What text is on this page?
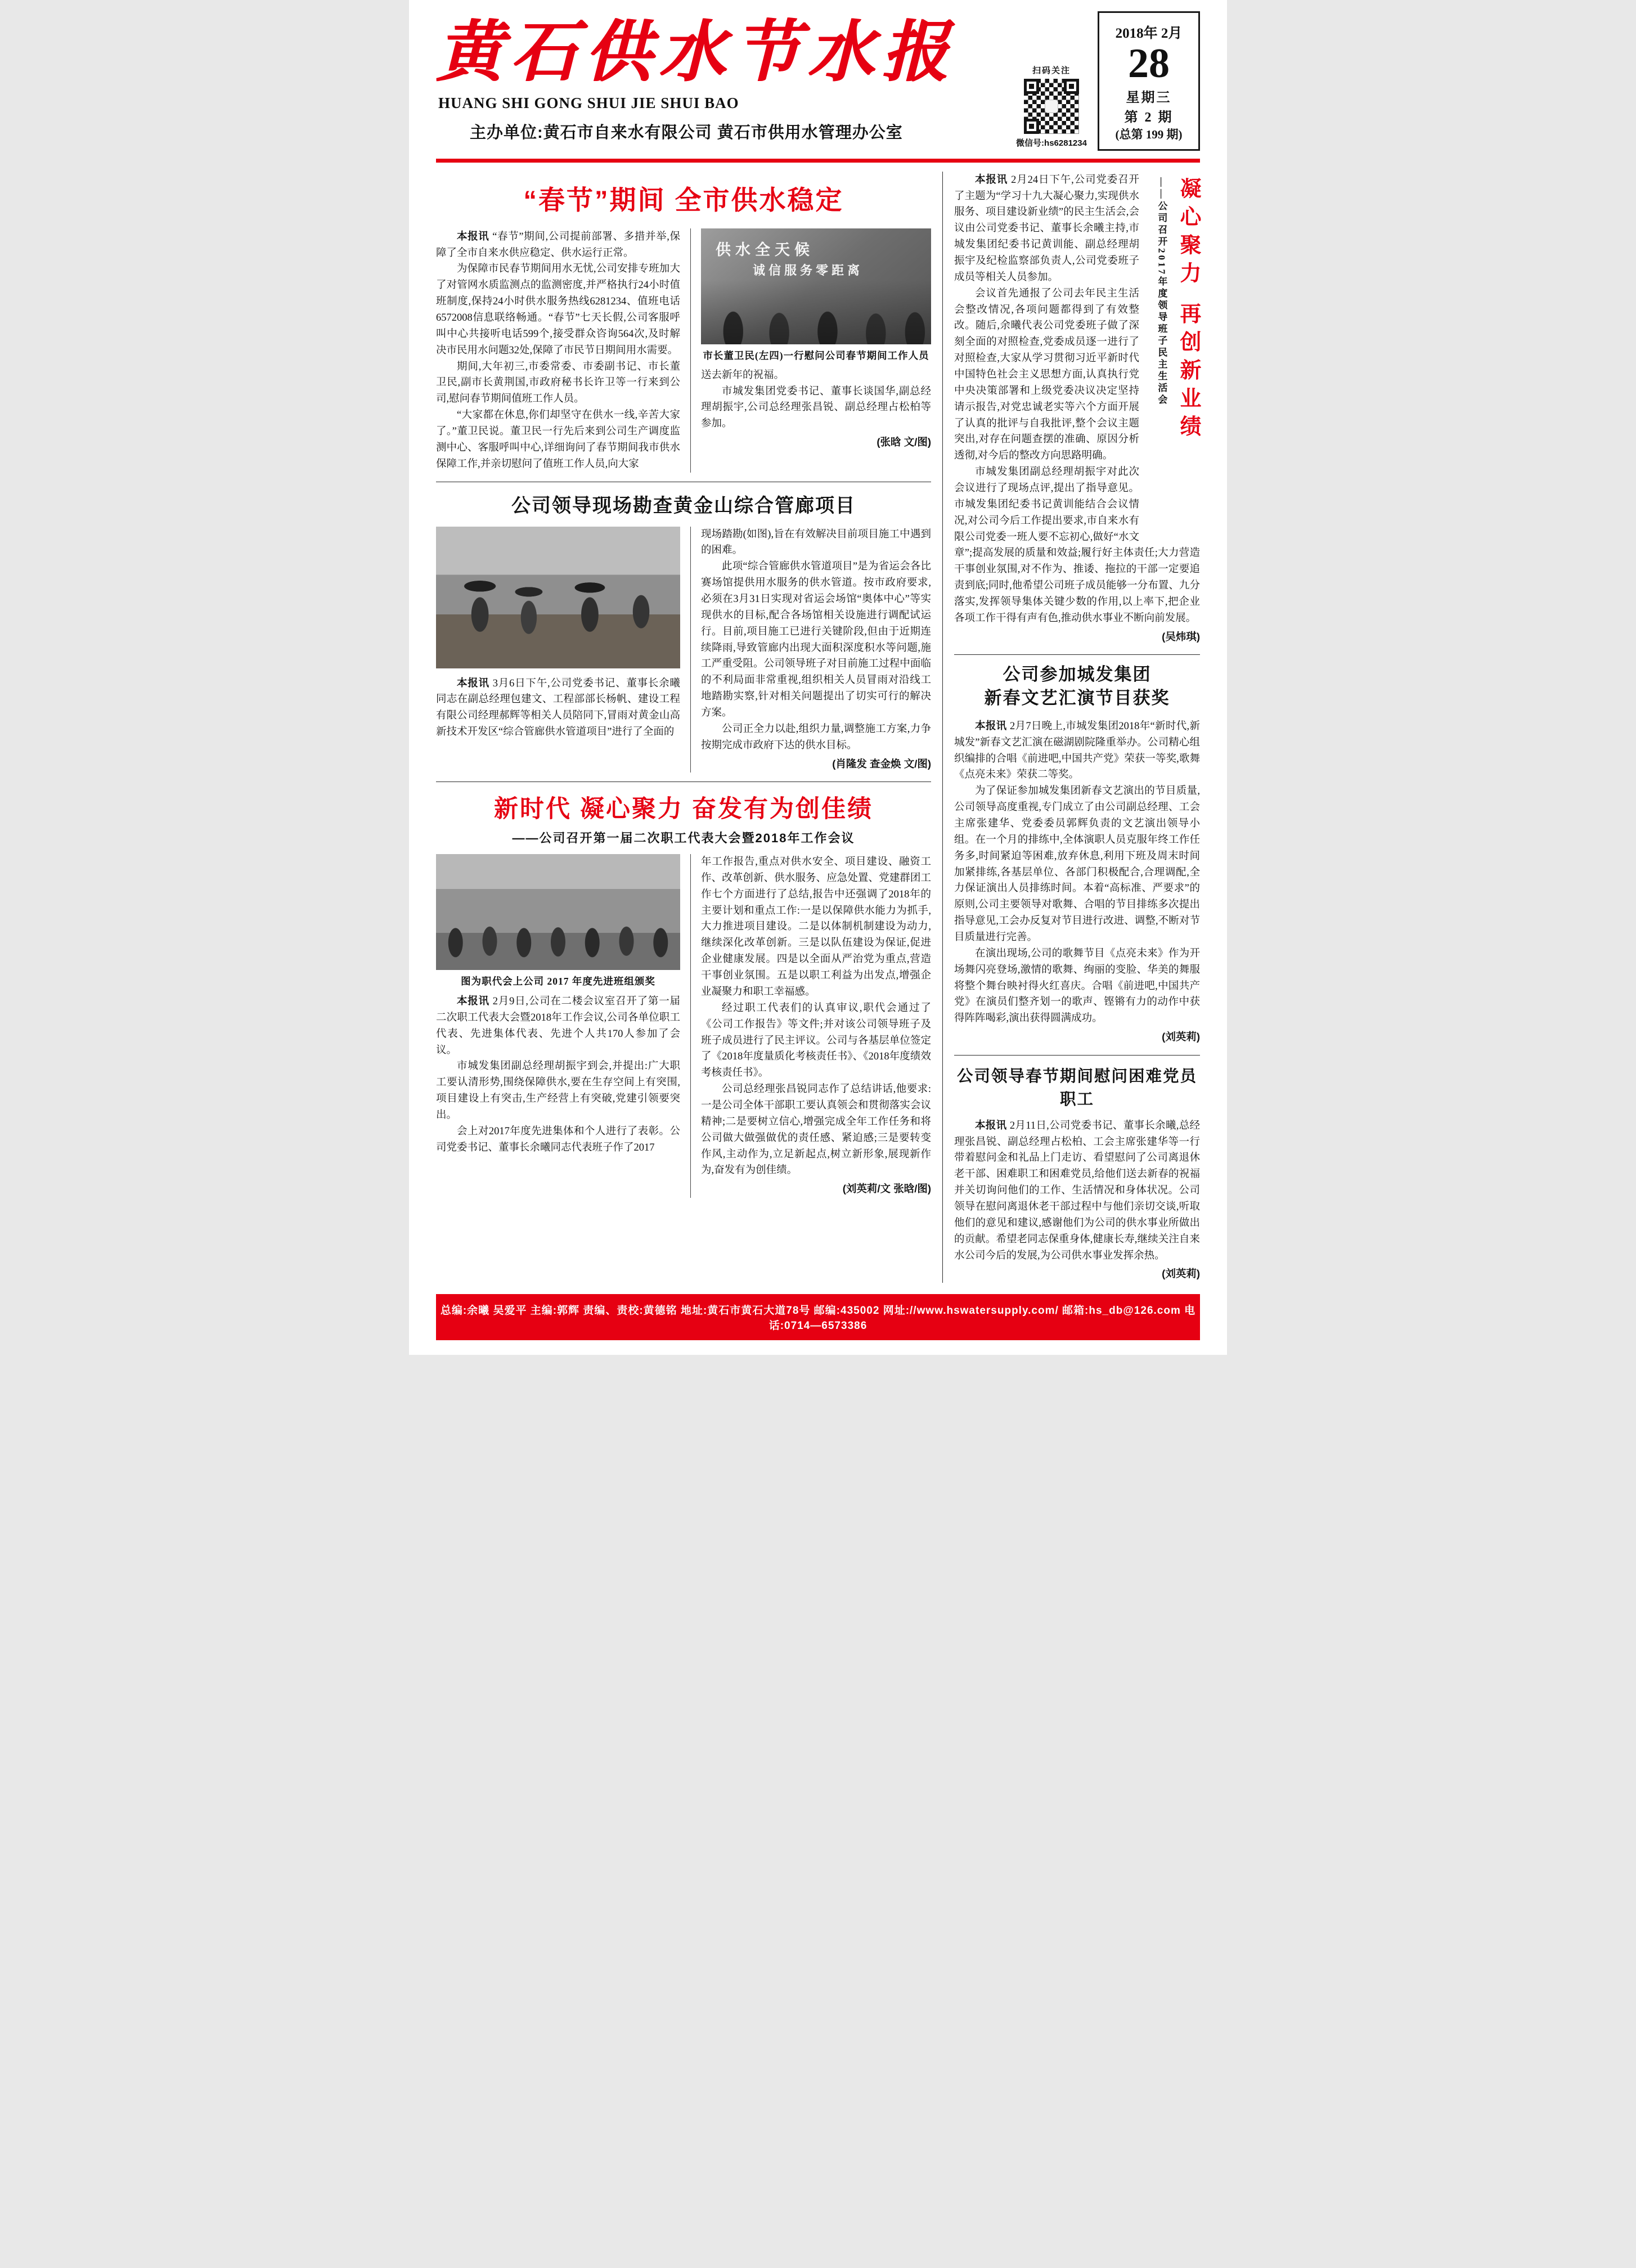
黄石供水节水报
HUANG SHI GONG SHUI JIE SHUI BAO
主办单位:黄石市自来水有限公司 黄石市供用水管理办公室
扫码关注
微信号:hs6281234
2018年 2月
28
星期三
第 2 期
(总第 199 期)
“春节”期间 全市供水稳定

本报讯 “春节”期间,公司提前部署、多措并举,保障了全市自来水供应稳定、供水运行正常。

为保障市民春节期间用水无忧,公司安排专班加大了对管网水质监测点的监测密度,并严格执行24小时值班制度,保持24小时供水服务热线6281234、值班电话6572008信息联络畅通。“春节”七天长假,公司客服呼叫中心共接听电话599个,接受群众咨询564次,及时解决市民用水问题32处,保障了市民节日期间用水需要。

期间,大年初三,市委常委、市委副书记、市长董卫民,副市长黄荆国,市政府秘书长许卫等一行来到公司,慰问春节期间值班工作人员。

“大家都在休息,你们却坚守在供水一线,辛苦大家了。”董卫民说。董卫民一行先后来到公司生产调度监测中心、客服呼叫中心,详细询问了春节期间我市供水保障工作,并亲切慰问了值班工作人员,向大家

供水全天候
诚信服务零距离
市长董卫民(左四)一行慰问公司春节期间工作人员

送去新年的祝福。

市城发集团党委书记、董事长谈国华,副总经理胡振宇,公司总经理张昌锐、副总经理占松柏等参加。

(张晗 文/图)

公司领导现场勘查黄金山综合管廊项目

本报讯 3月6日下午,公司党委书记、董事长余曦同志在副总经理包建文、工程部部长杨帆、建设工程有限公司经理郝辉等相关人员陪同下,冒雨对黄金山高新技术开发区“综合管廊供水管道项目”进行了全面的

现场踏勘(如图),旨在有效解决目前项目施工中遇到的困难。

此项“综合管廊供水管道项目”是为省运会各比赛场馆提供用水服务的供水管道。按市政府要求,必须在3月31日实现对省运会场馆“奥体中心”等实现供水的目标,配合各场馆相关设施进行调配试运行。目前,项目施工已进行关键阶段,但由于近期连续降雨,导致管廊内出现大面积深度积水等问题,施工严重受阻。公司领导班子对目前施工过程中面临的不利局面非常重视,组织相关人员冒雨对沿线工地踏勘实察,针对相关问题提出了切实可行的解决方案。

公司正全力以赴,组织力量,调整施工方案,力争按期完成市政府下达的供水目标。

(肖隆发 查金焕 文/图)

新时代 凝心聚力 奋发有为创佳绩
——公司召开第一届二次职工代表大会暨2018年工作会议
图为职代会上公司 2017 年度先进班组颁奖

本报讯 2月9日,公司在二楼会议室召开了第一届二次职工代表大会暨2018年工作会议,公司各单位职工代表、先进集体代表、先进个人共170人参加了会议。

市城发集团副总经理胡振宇到会,并提出:广大职工要认清形势,围绕保障供水,要在生存空间上有突围,项目建设上有突击,生产经营上有突破,党建引领要突出。

会上对2017年度先进集体和个人进行了表彰。公司党委书记、董事长余曦同志代表班子作了2017

年工作报告,重点对供水安全、项目建设、融资工作、改革创新、供水服务、应急处置、党建群团工作七个方面进行了总结,报告中还强调了2018年的主要计划和重点工作:一是以保障供水能力为抓手,大力推进项目建设。二是以体制机制建设为动力,继续深化改革创新。三是以队伍建设为保证,促进企业健康发展。四是以全面从严治党为重点,营造干事创业氛围。五是以职工利益为出发点,增强企业凝聚力和职工幸福感。

经过职工代表们的认真审议,职代会通过了《公司工作报告》等文件;并对该公司领导班子及班子成员进行了民主评议。公司与各基层单位签定了《2018年度量质化考核责任书》、《2018年度绩效考核责任书》。

公司总经理张昌锐同志作了总结讲话,他要求:一是公司全体干部职工要认真领会和贯彻落实会议精神;二是要树立信心,增强完成全年工作任务和将公司做大做强做优的责任感、紧迫感;三是要转变作风,主动作为,立足新起点,树立新形象,展现新作为,奋发有为创佳绩。

(刘英莉/文 张晗/图)

凝心聚力 再创新业绩
——公司召开2017年度领导班子民主生活会

本报讯 2月24日下午,公司党委召开了主题为“学习十九大凝心聚力,实现供水服务、项目建设新业绩”的民主生活会,会议由公司党委书记、董事长余曦主持,市城发集团纪委书记黄训能、副总经理胡振宇及纪检监察部负责人,公司党委班子成员等相关人员参加。

会议首先通报了公司去年民主生活会整改情况,各项问题都得到了有效整改。随后,余曦代表公司党委班子做了深刻全面的对照检查,党委成员逐一进行了对照检查,大家从学习贯彻习近平新时代中国特色社会主义思想方面,认真执行党中央决策部署和上级党委决议决定坚持请示报告,对党忠诚老实等六个方面开展了认真的批评与自我批评,整个会议主题突出,对存在问题查摆的准确、原因分析透彻,对今后的整改方向思路明确。

市城发集团副总经理胡振宇对此次会议进行了现场点评,提出了指导意见。市城发集团纪委书记黄训能结合会议情况,对公司今后工作提出要求,市自来水有限公司党委一班人要不忘初心,做好“水文章”;提高发展的质量和效益;履行好主体责任;大力营造干事创业氛围,对不作为、推诿、拖拉的干部一定要追责到底;同时,他希望公司班子成员能够一分布置、九分落实,发挥领导集体关键少数的作用,以上率下,把企业各项工作干得有声有色,推动供水事业不断向前发展。

(吴炜琪)

公司参加城发集团
新春文艺汇演节目获奖

本报讯 2月7日晚上,市城发集团2018年“新时代,新城发”新春文艺汇演在磁湖剧院隆重举办。公司精心组织编排的合唱《前进吧,中国共产党》荣获一等奖,歌舞《点亮未来》荣获二等奖。

为了保证参加城发集团新春文艺演出的节目质量,公司领导高度重视,专门成立了由公司副总经理、工会主席张建华、党委委员郭辉负责的文艺演出领导小组。在一个月的排练中,全体演职人员克服年终工作任务多,时间紧迫等困难,放弃休息,利用下班及周末时间加紧排练,各基层单位、各部门积极配合,合理调配,全力保证演出人员排练时间。本着“高标准、严要求”的原则,公司主要领导对歌舞、合唱的节目排练多次提出指导意见,工会办反复对节目进行改进、调整,不断对节目质量进行完善。

在演出现场,公司的歌舞节目《点亮未来》作为开场舞闪亮登场,激情的歌舞、绚丽的变脸、华美的舞服将整个舞台映衬得火红喜庆。合唱《前进吧,中国共产党》在演员们整齐划一的歌声、铿锵有力的动作中获得阵阵喝彩,演出获得圆满成功。

(刘英莉)

公司领导春节期间慰问困难党员职工

本报讯 2月11日,公司党委书记、董事长余曦,总经理张昌锐、副总经理占松柏、工会主席张建华等一行带着慰问金和礼品上门走访、看望慰问了公司离退休老干部、困难职工和困难党员,给他们送去新春的祝福并关切询问他们的工作、生活情况和身体状况。公司领导在慰问离退休老干部过程中与他们亲切交谈,听取他们的意见和建议,感谢他们为公司的供水事业所做出的贡献。希望老同志保重身体,健康长寿,继续关注自来水公司今后的发展,为公司供水事业发挥余热。

(刘英莉)

总编:余曦 吴爱平 主编:郭辉 责编、责校:黄德铭 地址:黄石市黄石大道78号 邮编:435002 网址://www.hswatersupply.com/ 邮箱:hs_db@126.com 电话:0714—6573386
